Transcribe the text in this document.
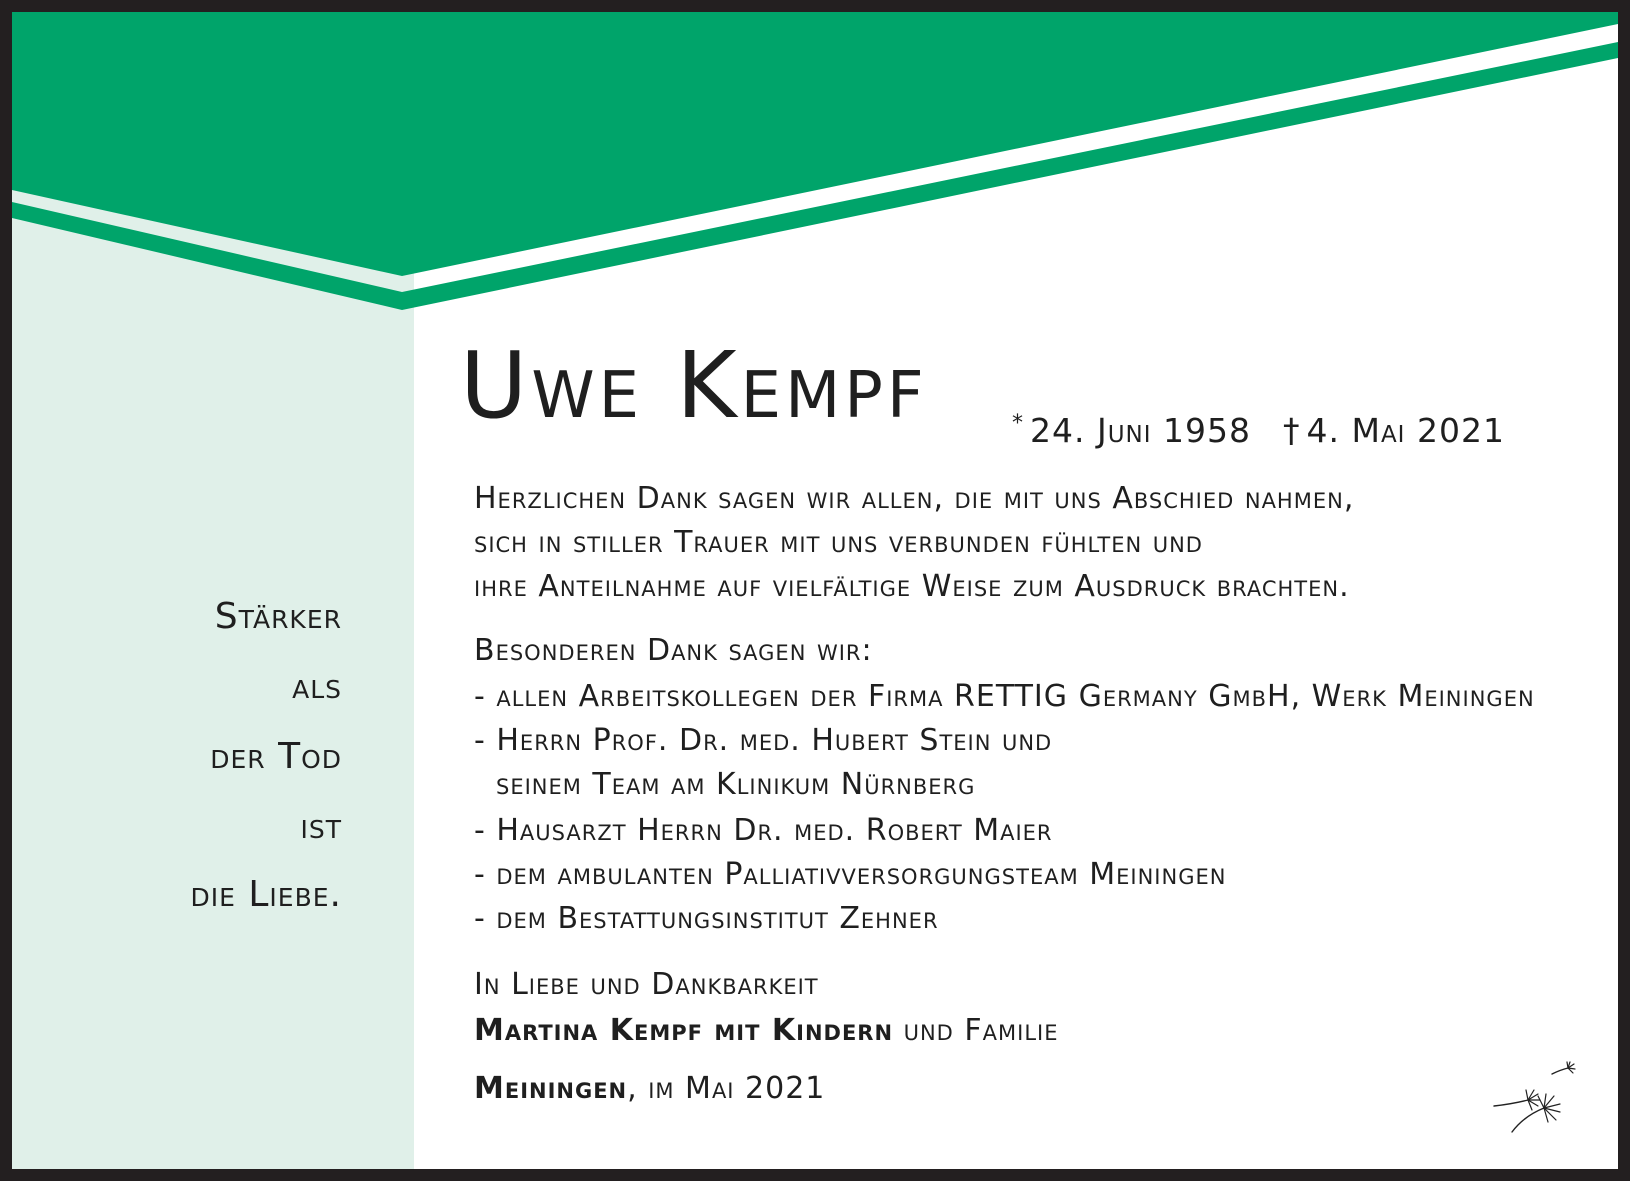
Stärker
als
der Tod
ist
die Liebe.
Uwe Kempf	* 24. Juni 1958 † 4. Mai 2021
Herzlichen Dank sagen wir allen, die mit uns Abschied nahmen,
sich in stiller Trauer mit uns verbunden fühlten und
ihre Anteilnahme auf vielfältige Weise zum Ausdruck brachten.
Besonderen Dank sagen wir:
- allen Arbeitskollegen der Firma RETTIG Germany GmbH, Werk Meiningen
- Herrn Prof. Dr. med. Hubert Stein und
seinem Team am Klinikum Nürnberg
- Hausarzt Herrn Dr. med. Robert Maier
- dem ambulanten Palliativversorgungsteam Meiningen
- dem Bestattungsinstitut Zehner
In Liebe und Dankbarkeit
Martina Kempf mit Kindern und Familie
Meiningen, im Mai 2021
